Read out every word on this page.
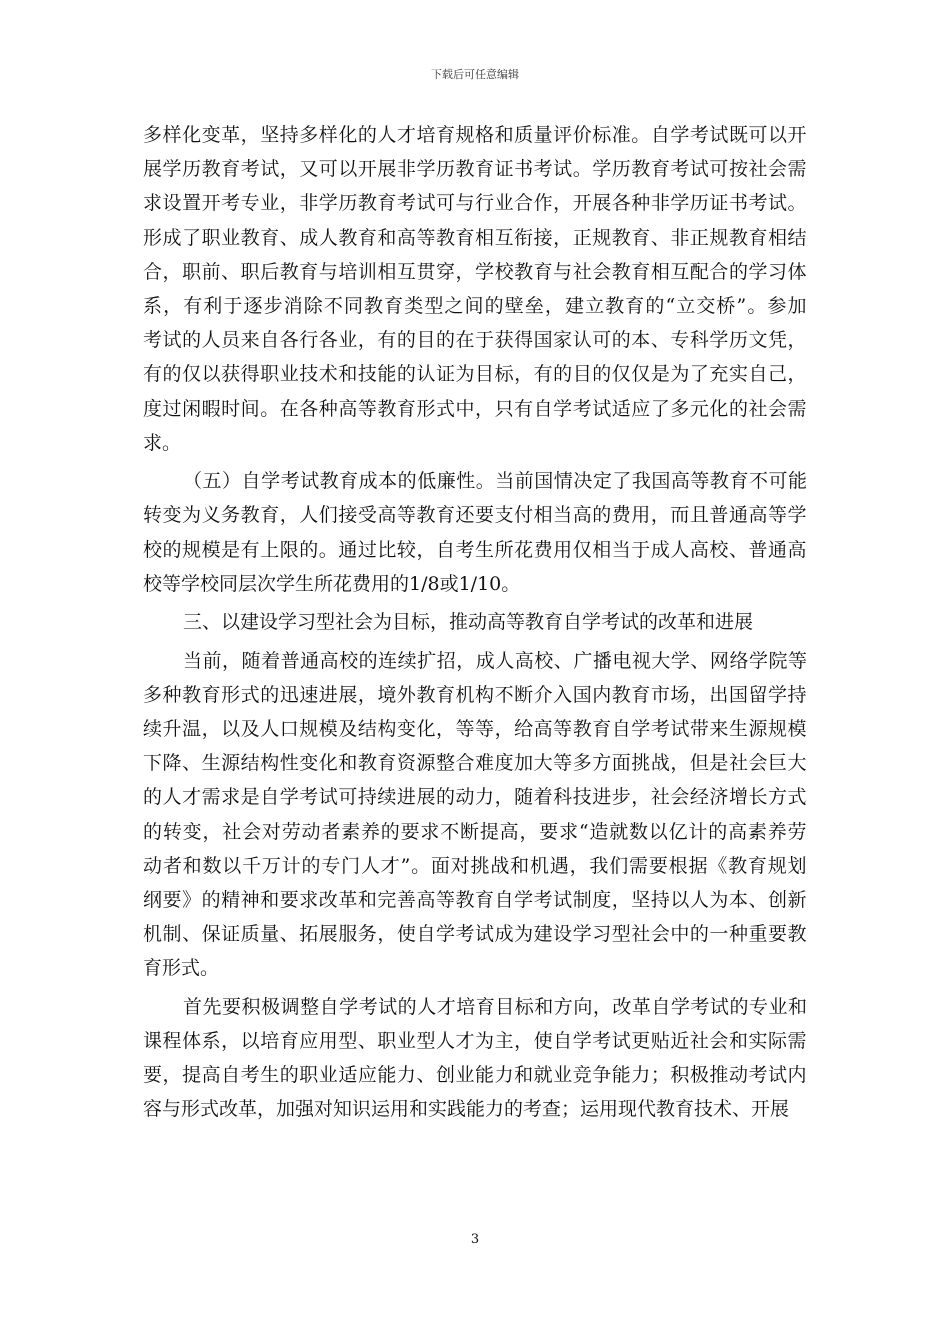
下载后可任意编辑
多 样 化 变 革 ， 坚 持 多 样 化 的 人 才 培 育 规 格 和 质 量 评 价 标 准 。 自 学 考 试 既 可 以 开
展 学 历 教 育 考 试 ， 又 可 以 开 展 非 学 历 教 育 证 书 考 试 。 学 历 教 育 考 试 可 按 社 会 需
求 设 置 开 考 专 业 ， 非 学 历 教 育 考 试 可 与 行 业 合 作 ， 开 展 各 种 非 学 历 证 书 考 试 。
形 成 了 职 业 教 育 、 成 人 教 育 和 高 等 教 育 相 互 衔 接 ， 正 规 教 育 、 非 正 规 教 育 相 结
合 ， 职 前 、 职 后 教 育 与 培 训 相 互 贯 穿 ， 学 校 教 育 与 社 会 教 育 相 互 配 合 的 学 习 体
系 ， 有 利 于 逐 步 消 除 不 同 教 育 类 型 之 间 的 壁 垒 ， 建 立 教 育 的 “ 立 交 桥 ” 。 参 加
考 试 的 人 员 来 自 各 行 各 业 ， 有 的 目 的 在 于 获 得 国 家 认 可 的 本 、 专 科 学 历 文 凭 ，
有 的 仅 以 获 得 职 业 技 术 和 技 能 的 认 证 为 目 标 ， 有 的 目 的 仅 仅 是 为 了 充 实 自 己 ，
度 过 闲 暇 时 间 。 在 各 种 高 等 教 育 形 式 中 ， 只 有 自 学 考 试 适 应 了 多 元 化 的 社 会 需
求。
（ 五 ） 自 学 考 试 教 育 成 本 的 低 廉 性 。 当 前 国 情 决 定 了 我 国 高 等 教 育 不 可 能
转 变 为 义 务 教 育 ， 人 们 接 受 高 等 教 育 还 要 支 付 相 当 高 的 费 用 ， 而 且 普 通 高 等 学
校 的 规 模 是 有 上 限 的 。 通 过 比 较 ， 自 考 生 所 花 费 用 仅 相 当 于 成 人 高 校 、 普 通 高
校等学校同层次学生所花费用的1/8或1/10。
三、以建设学习型社会为目标，推动高等教育自学考试的改革和进展
当 前 ， 随 着 普 通 高 校 的 连 续 扩 招 ， 成 人 高 校 、 广 播 电 视 大 学 、 网 络 学 院 等
多 种 教 育 形 式 的 迅 速 进 展 ， 境 外 教 育 机 构 不 断 介 入 国 内 教 育 市 场 ， 出 国 留 学 持
续 升 温 ， 以 及 人 口 规 模 及 结 构 变 化 ， 等 等 ， 给 高 等 教 育 自 学 考 试 带 来 生 源 规 模
下 降 、 生 源 结 构 性 变 化 和 教 育 资 源 整 合 难 度 加 大 等 多 方 面 挑 战 ， 但 是 社 会 巨 大
的 人 才 需 求 是 自 学 考 试 可 持 续 进 展 的 动 力 ， 随 着 科 技 进 步 ， 社 会 经 济 增 长 方 式
的 转 变 ， 社 会 对 劳 动 者 素 养 的 要 求 不 断 提 高 ， 要 求 “ 造 就 数 以 亿 计 的 高 素 养 劳
动 者 和 数 以 千 万 计 的 专 门 人 才 ” 。 面 对 挑 战 和 机 遇 ， 我 们 需 要 根 据 《 教 育 规 划
纲 要 》 的 精 神 和 要 求 改 革 和 完 善 高 等 教 育 自 学 考 试 制 度 ， 坚 持 以 人 为 本 、 创 新
机 制 、 保 证 质 量 、 拓 展 服 务 ， 使 自 学 考 试 成 为 建 设 学 习 型 社 会 中 的 一 种 重 要 教
育形式。
首 先 要 积 极 调 整 自 学 考 试 的 人 才 培 育 目 标 和 方 向 ， 改 革 自 学 考 试 的 专 业 和
课 程 体 系 ， 以 培 育 应 用 型 、 职 业 型 人 才 为 主 ， 使 自 学 考 试 更 贴 近 社 会 和 实 际 需
要 ， 提 高 自 考 生 的 职 业 适 应 能 力 、 创 业 能 力 和 就 业 竞 争 能 力 ； 积 极 推 动 考 试 内
容与形式改革，加强对知识运用和实践能力的考查；运用现代教育技术、开展
3
